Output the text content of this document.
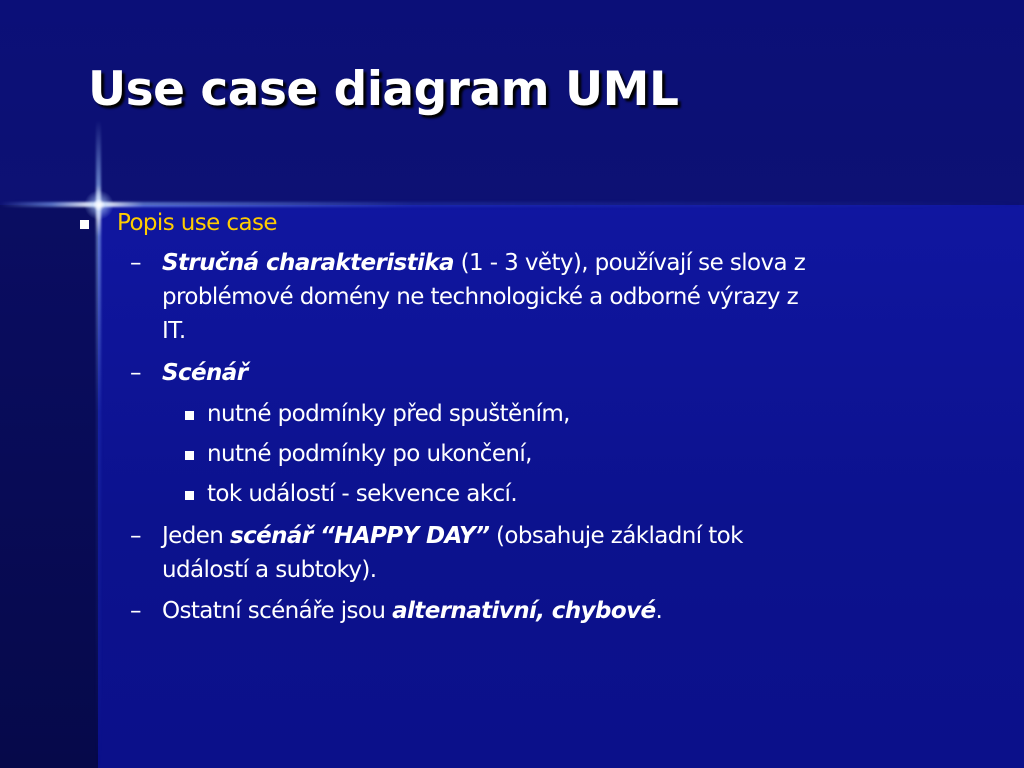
Use case diagram UML
Popis use case
– Stručná charakteristika (1 - 3 věty), používají se slova z
problémové domény ne technologické a odborné výrazy z
IT.
– Scénář
nutné podmínky před spuštěním,
nutné podmínky po ukončení,
tok událostí - sekvence akcí.
– Jeden scénář “HAPPY DAY” (obsahuje základní tok
událostí a subtoky).
– Ostatní scénáře jsou alternativní, chybové.
